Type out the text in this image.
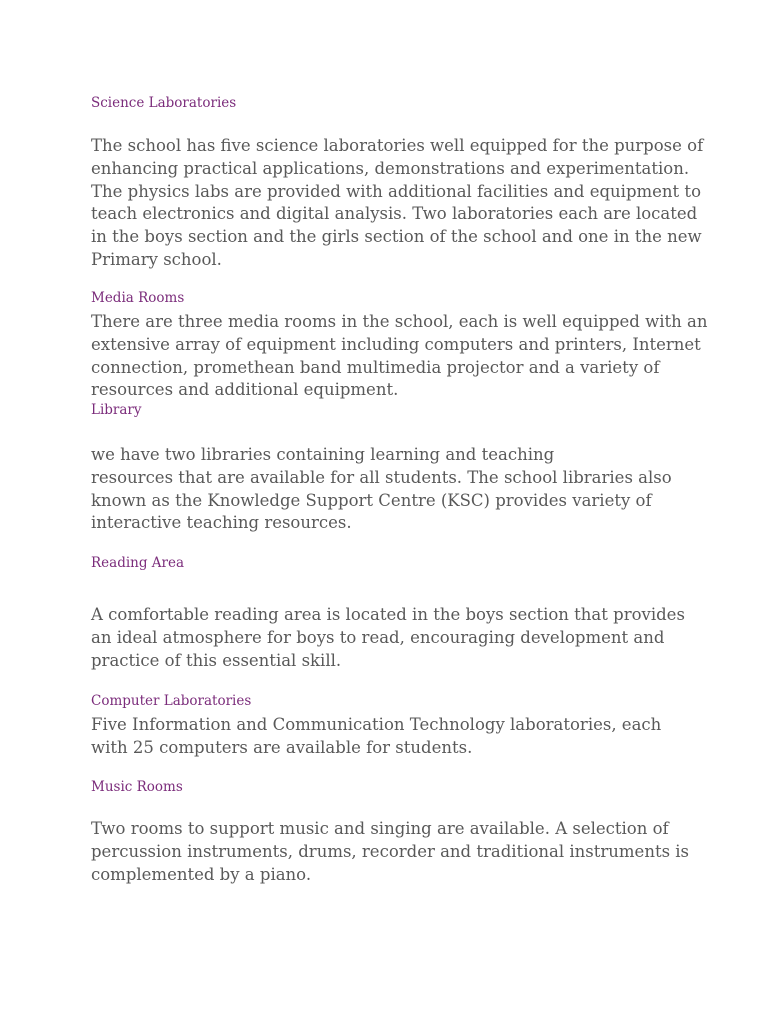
Science Laboratories

The school has five science laboratories well equipped for the purpose of
enhancing practical applications, demonstrations and experimentation.
The physics labs are provided with additional facilities and equipment to
teach electronics and digital analysis. Two laboratories each are located
in the boys section and the girls section of the school and one in the new
Primary school.

Media Rooms

There are three media rooms in the school, each is well equipped with an
extensive array of equipment including computers and printers, Internet
connection, promethean band multimedia projector and a variety of
resources and additional equipment.

Library

we have two libraries containing learning and teaching
resources that are available for all students. The school libraries also
known as the Knowledge Support Centre (KSC) provides variety of
interactive teaching resources.

Reading Area

A comfortable reading area is located in the boys section that provides
an ideal atmosphere for boys to read, encouraging development and
practice of this essential skill.

Computer Laboratories

Five Information and Communication Technology laboratories, each
with 25 computers are available for students.

Music Rooms

Two rooms to support music and singing are available. A selection of
percussion instruments, drums, recorder and traditional instruments is
complemented by a piano.
